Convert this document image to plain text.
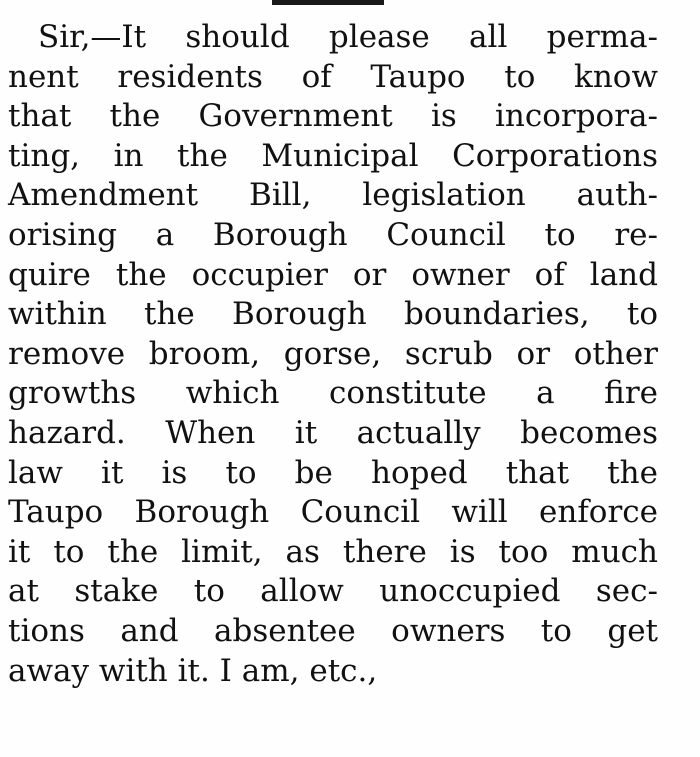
Sir,—It should please all perma-
nent residents of Taupo to know
that the Government is incorpora-
ting, in the Municipal Corporations
Amendment Bill, legislation auth-
orising a Borough Council to re-
quire the occupier or owner of land
within the Borough boundaries, to
remove broom, gorse, scrub or other
growths which constitute a fire
hazard. When it actually becomes
law it is to be hoped that the
Taupo Borough Council will enforce
it to the limit, as there is too much
at stake to allow unoccupied sec-
tions and absentee owners to get
away with it. I am, etc.,
